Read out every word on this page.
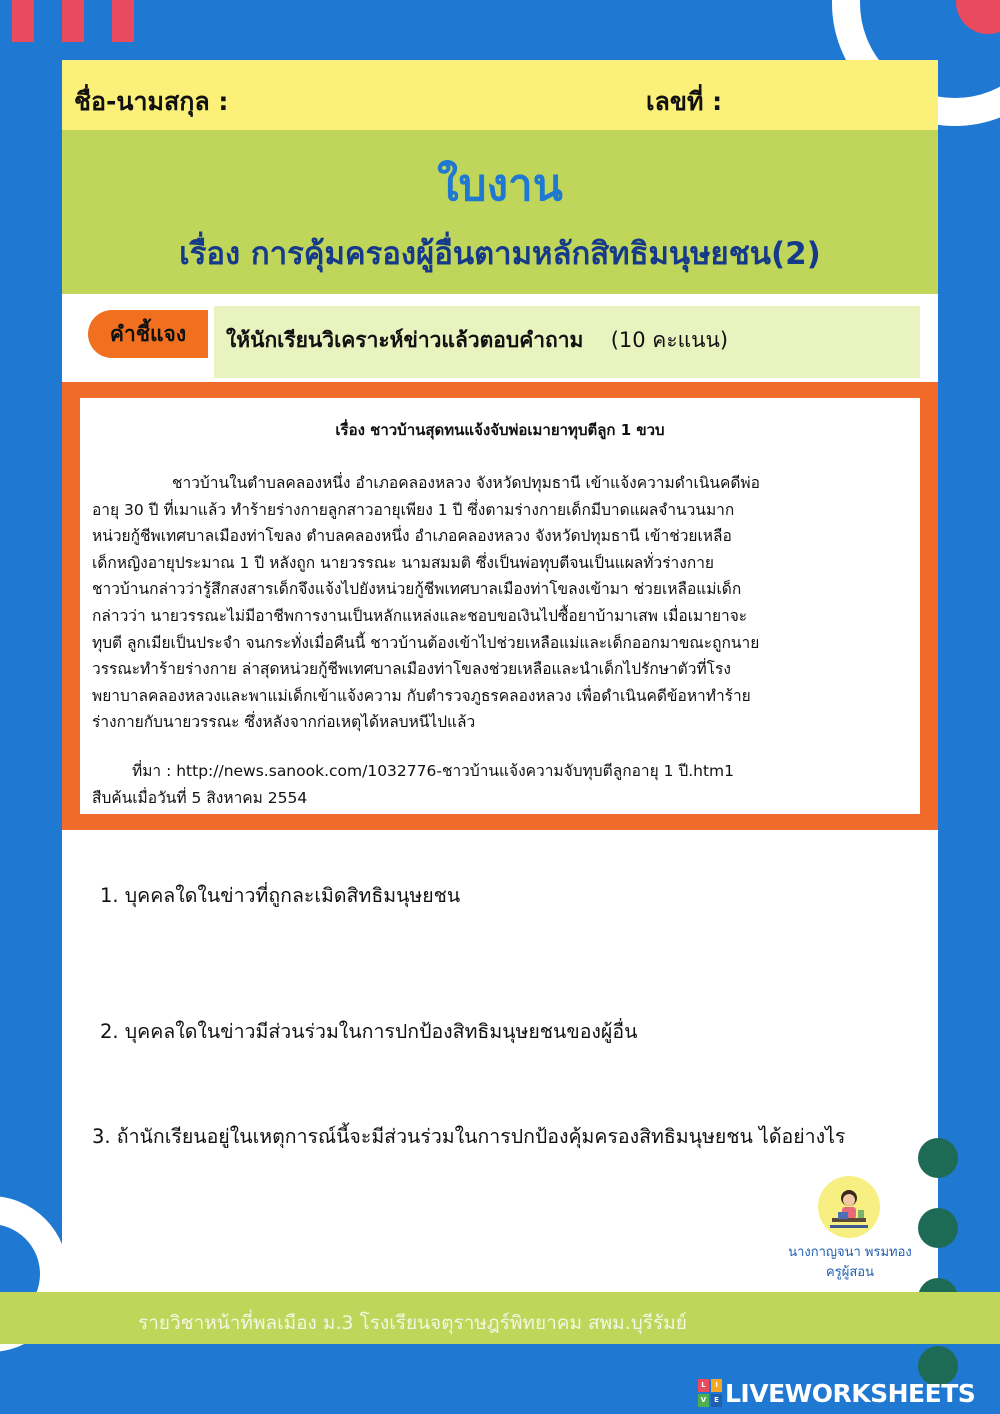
ชื่อ-นามสกุล :	เลขที่ :
ใบงาน
เรื่อง การคุ้มครองผู้อื่นตามหลักสิทธิมนุษยชน(2)
ให้นักเรียนวิเคราะห์ข่าวแล้วตอบคำถาม (10 คะแนน)
คำชี้แจง
เรื่อง ชาวบ้านสุดทนแจ้งจับพ่อเมายาทุบตีลูก 1 ขวบ
ชาวบ้านในตำบลคลองหนึ่ง อำเภอคลองหลวง จังหวัดปทุมธานี เข้าแจ้งความดำเนินคดีพ่อ
อายุ 30 ปี ที่เมาแล้ว ทำร้ายร่างกายลูกสาวอายุเพียง 1 ปี ซึ่งตามร่างกายเด็กมีบาดแผลจำนวนมาก
หน่วยกู้ชีพเทศบาลเมืองท่าโขลง ตำบลคลองหนึ่ง อำเภอคลองหลวง จังหวัดปทุมธานี เข้าช่วยเหลือ
เด็กหญิงอายุประมาณ 1 ปี หลังถูก นายวรรณะ นามสมมติ ซึ่งเป็นพ่อทุบตีจนเป็นแผลทั่วร่างกาย
ชาวบ้านกล่าวว่ารู้สึกสงสารเด็กจึงแจ้งไปยังหน่วยกู้ชีพเทศบาลเมืองท่าโขลงเข้ามา ช่วยเหลือแม่เด็ก
กล่าวว่า นายวรรณะไม่มีอาชีพการงานเป็นหลักแหล่งและชอบขอเงินไปซื้อยาบ้ามาเสพ เมื่อเมายาจะ
ทุบตี ลูกเมียเป็นประจำ จนกระทั่งเมื่อคืนนี้ ชาวบ้านต้องเข้าไปช่วยเหลือแม่และเด็กออกมาขณะถูกนาย
วรรณะทำร้ายร่างกาย ล่าสุดหน่วยกู้ชีพเทศบาลเมืองท่าโขลงช่วยเหลือและนำเด็กไปรักษาตัวที่โรง
พยาบาลคลองหลวงและพาแม่เด็กเข้าแจ้งความ กับตำรวจภูธรคลองหลวง เพื่อดำเนินคดีข้อหาทำร้าย
ร่างกายกับนายวรรณะ ซึ่งหลังจากก่อเหตุได้หลบหนีไปแล้ว
ที่มา : http://news.sanook.com/1032776-ชาวบ้านแจ้งความจับทุบตีลูกอายุ 1 ปี.htm1
สืบค้นเมื่อวันที่ 5 สิงหาคม 2554
1. บุคคลใดในข่าวที่ถูกละเมิดสิทธิมนุษยชน
2. บุคคลใดในข่าวมีส่วนร่วมในการปกป้องสิทธิมนุษยชนของผู้อื่น
3. ถ้านักเรียนอยู่ในเหตุการณ์นี้จะมีส่วนร่วมในการปกป้องคุ้มครองสิทธิมนุษยชน ได้อย่างไร
นางกาญจนา พรมทอง
ครูผู้สอน
รายวิชาหน้าที่พลเมือง ม.3 โรงเรียนจตุราษฎร์พิทยาคม สพม.บุรีรัมย์
L	I
V	E LIVEWORKSHEETS
